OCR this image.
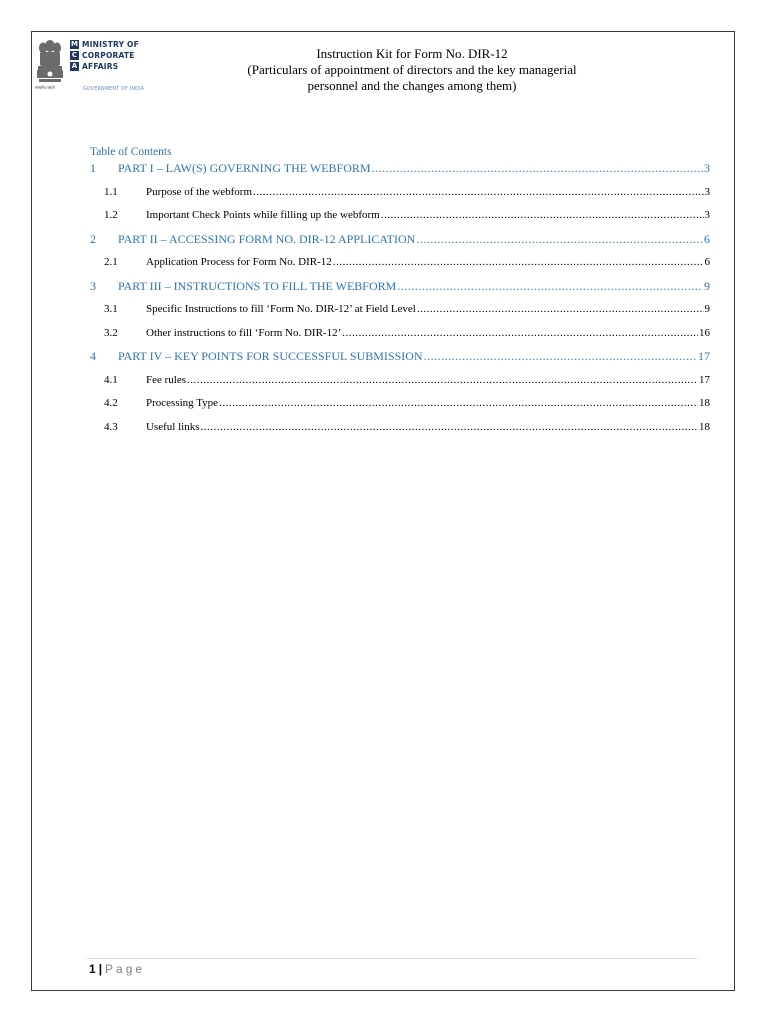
सत्यमेव जयते
M MINISTRY OF
C CORPORATE
A AFFAIRS
GOVERNMENT OF INDIA
Instruction Kit for Form No. DIR-12
(Particulars of appointment of directors and the key managerial
personnel and the changes among them)
Table of Contents
1	PART I – LAW(S) GOVERNING THE WEBFORM .....	3
1.1	Purpose of the webform .....	3
1.2	Important Check Points while filling up the webform .....	3
2	PART II – ACCESSING FORM NO. DIR-12 APPLICATION .....	6
2.1	Application Process for Form No. DIR-12 .....	6
3	PART III – INSTRUCTIONS TO FILL THE WEBFORM .....	9
3.1	Specific Instructions to fill ‘Form No. DIR-12’ at Field Level .....	9
3.2	Other instructions to fill ‘Form No. DIR-12’ .....	16
4	PART IV – KEY POINTS FOR SUCCESSFUL SUBMISSION .....	17
4.1	Fee rules .....	17
4.2	Processing Type .....	18
4.3	Useful links .....	18
1 | Page
